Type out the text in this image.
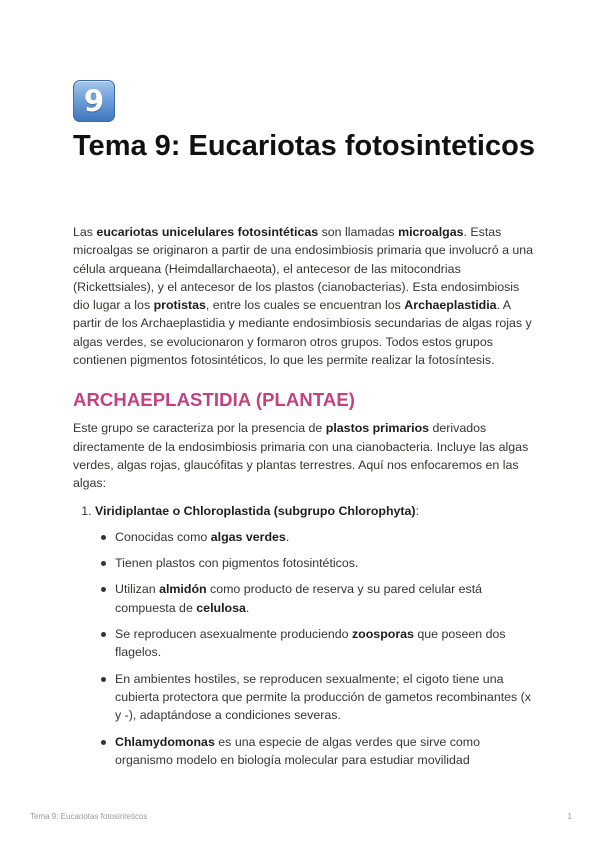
9
Tema 9: Eucariotas fotosinteticos

Las eucariotas unicelulares fotosintéticas son llamadas microalgas. Estas microalgas se originaron a partir de una endosimbiosis primaria que involucró a una célula arqueana (Heimdallarchaeota), el antecesor de las mitocondrias (Rickettsiales), y el antecesor de los plastos (cianobacterias). Esta endosimbiosis dio lugar a los protistas, entre los cuales se encuentran los Archaeplastidia. A partir de los Archaeplastidia y mediante endosimbiosis secundarias de algas rojas y algas verdes, se evolucionaron y formaron otros grupos. Todos estos grupos contienen pigmentos fotosintéticos, lo que les permite realizar la fotosíntesis.

ARCHAEPLASTIDIA (PLANTAE)

Este grupo se caracteriza por la presencia de plastos primarios derivados directamente de la endosimbiosis primaria con una cianobacteria. Incluye las algas verdes, algas rojas, glaucófitas y plantas terrestres. Aquí nos enfocaremos en las algas:

1. Viridiplantae o Chloroplastida (subgrupo Chlorophyta):
Conocidas como algas verdes.
Tienen plastos con pigmentos fotosintéticos.
Utilizan almidón como producto de reserva y su pared celular está compuesta de celulosa.
Se reproducen asexualmente produciendo zoosporas que poseen dos flagelos.
En ambientes hostiles, se reproducen sexualmente; el cigoto tiene una cubierta protectora que permite la producción de gametos recombinantes (x y -), adaptándose a condiciones severas.
Chlamydomonas es una especie de algas verdes que sirve como organismo modelo en biología molecular para estudiar movilidad
Tema 9: Eucariotas fotosinteticos	1
